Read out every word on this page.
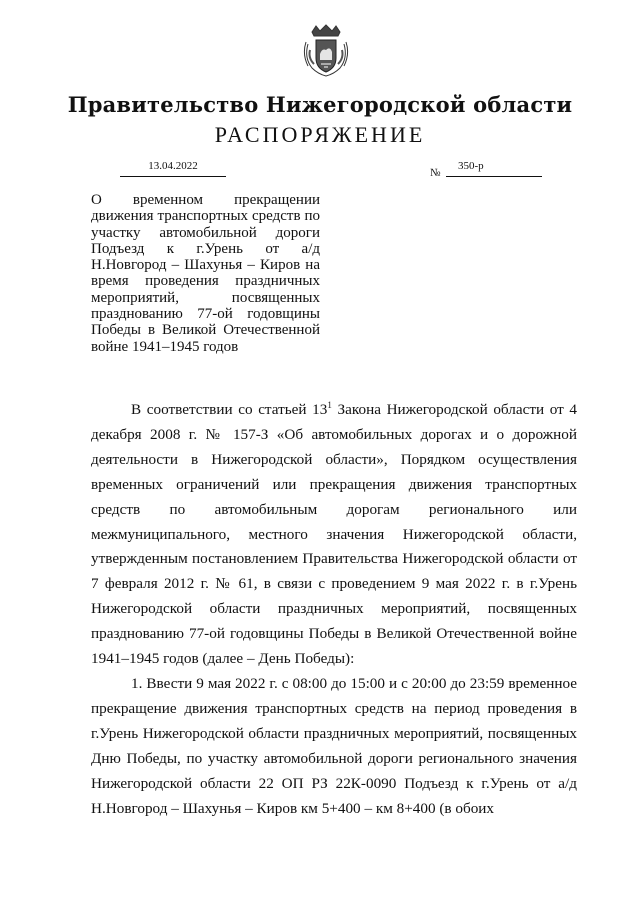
Правительство Нижегородской области
РАСПОРЯЖЕНИЕ
13.04.2022
№
350-р
О временном прекращении движения транспортных средств по участку автомобильной дороги Подъезд к г.Урень от а/д Н.Новгород – Шахунья – Киров на время проведения праздничных мероприятий, посвященных празднованию 77-ой годовщины Победы в Великой Отечественной войне 1941–1945 годов

В соответствии со статьей $13^1$ Закона Нижегородской области от 4 декабря 2008 г. № 157-З «Об автомобильных дорогах и о дорожной деятельности в Нижегородской области», Порядком осуществления временных ограничений или прекращения движения транспортных средств по автомобильным дорогам регионального или межмуниципального, местного значения Нижегородской области, утвержденным постановлением Правительства Нижегородской области от 7 февраля 2012 г. № 61, в связи с проведением 9 мая 2022 г. в г.Урень Нижегородской области праздничных мероприятий, посвященных празднованию 77-ой годовщины Победы в Великой Отечественной войне 1941–1945 годов (далее – День Победы):

1. Ввести 9 мая 2022 г. с 08:00 до 15:00 и с 20:00 до 23:59 временное прекращение движения транспортных средств на период проведения в г.Урень Нижегородской области праздничных мероприятий, посвященных Дню Победы, по участку автомобильной дороги регионального значения Нижегородской области 22 ОП РЗ 22К-0090 Подъезд к г.Урень от а/д Н.Новгород – Шахунья – Киров км 5+400 – км 8+400 (в обоих
